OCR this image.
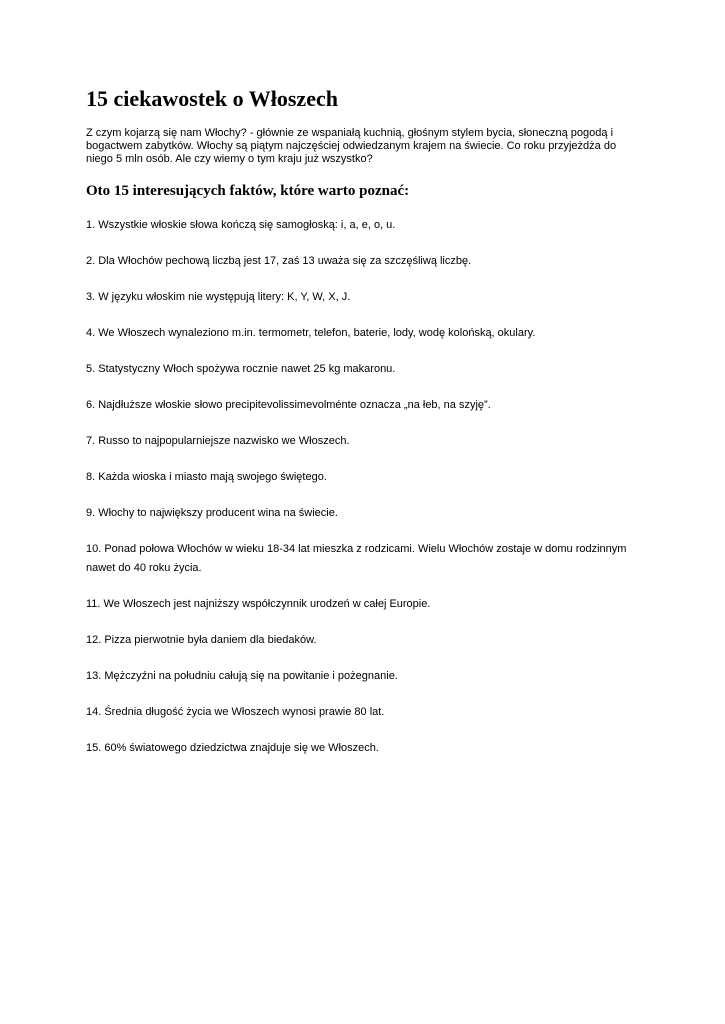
15 ciekawostek o Włoszech

Z czym kojarzą się nam Włochy? - głównie ze wspaniałą kuchnią, głośnym stylem bycia, słoneczną pogodą i bogactwem zabytków. Włochy są piątym najczęściej odwiedzanym krajem na świecie. Co roku przyjeżdża do niego 5 mln osób. Ale czy wiemy o tym kraju już wszystko?

Oto 15 interesujących faktów, które warto poznać:
1. Wszystkie włoskie słowa kończą się samogłoską: i, a, e, o, u.
2. Dla Włochów pechową liczbą jest 17, zaś 13 uważa się za szczęśliwą liczbę.
3. W języku włoskim nie występują litery: K, Y, W, X, J.
4. We Włoszech wynaleziono m.in. termometr, telefon, baterie, lody, wodę kolońską, okulary.
5. Statystyczny Włoch spożywa rocznie nawet 25 kg makaronu.
6. Najdłuższe włoskie słowo precipitevolissimevolménte oznacza „na łeb, na szyję”.
7. Russo to najpopularniejsze nazwisko we Włoszech.
8. Każda wioska i miasto mają swojego świętego.
9. Włochy to największy producent wina na świecie.
10. Ponad połowa Włochów w wieku 18-34 lat mieszka z rodzicami. Wielu Włochów zostaje w domu rodzinnym nawet do 40 roku życia.
11. We Włoszech jest najniższy współczynnik urodzeń w całej Europie.
12. Pizza pierwotnie była daniem dla biedaków.
13. Mężczyźni na południu całują się na powitanie i pożegnanie.
14. Średnia długość życia we Włoszech wynosi prawie 80 lat.
15. 60% światowego dziedzictwa znajduje się we Włoszech.
